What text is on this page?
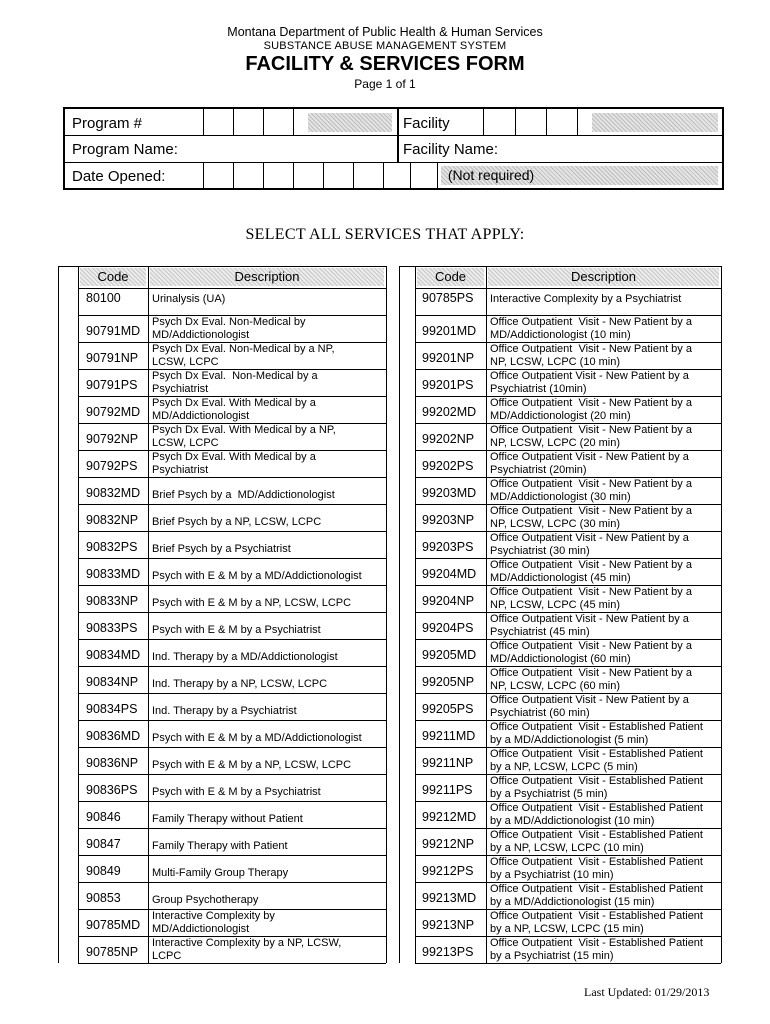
Montana Department of Public Health & Human Services
SUBSTANCE ABUSE MANAGEMENT SYSTEM
FACILITY & SERVICES FORM
Page 1 of 1
Program #	Facility
Program Name:	Facility Name:
Date Opened:	(Not required)
SELECT ALL SERVICES THAT APPLY:
Code	Description
80100	Urinalysis (UA)
90791MD
Psych Dx Eval. Non-Medical by
MD/Addictionologist
90791NP
Psych Dx Eval. Non-Medical by a NP,
LCSW, LCPC
90791PS
Psych Dx Eval.  Non-Medical by a
Psychiatrist
90792MD
Psych Dx Eval. With Medical by a
MD/Addictionologist
90792NP
Psych Dx Eval. With Medical by a NP,
LCSW, LCPC
90792PS
Psych Dx Eval. With Medical by a
Psychiatrist
90832MD Brief Psych by a  MD/Addictionologist
90832NP Brief Psych by a NP, LCSW, LCPC
90832PS Brief Psych by a Psychiatrist
90833MD Psych with E & M by a MD/Addictionologist
90833NP Psych with E & M by a NP, LCSW, LCPC
90833PS Psych with E & M by a Psychiatrist
90834MD Ind. Therapy by a MD/Addictionologist
90834NP Ind. Therapy by a NP, LCSW, LCPC
90834PS Ind. Therapy by a Psychiatrist
90836MD Psych with E & M by a MD/Addictionologist
90836NP Psych with E & M by a NP, LCSW, LCPC
90836PS Psych with E & M by a Psychiatrist
90846	Family Therapy without Patient
90847	Family Therapy with Patient
90849	Multi-Family Group Therapy
90853	Group Psychotherapy
90785MD
Interactive Complexity by
MD/Addictionologist
90785NP
Interactive Complexity by a NP, LCSW,
LCPC
Code	Description
90785PS Interactive Complexity by a Psychiatrist
99201MD
Office Outpatient  Visit - New Patient by a
MD/Addictionologist (10 min)
99201NP
Office Outpatient  Visit - New Patient by a
NP, LCSW, LCPC (10 min)
99201PS
Office Outpatient Visit - New Patient by a
Psychiatrist (10min)
99202MD
Office Outpatient  Visit - New Patient by a
MD/Addictionologist (20 min)
99202NP
Office Outpatient  Visit - New Patient by a
NP, LCSW, LCPC (20 min)
99202PS
Office Outpatient Visit - New Patient by a
Psychiatrist (20min)
99203MD
Office Outpatient  Visit - New Patient by a
MD/Addictionologist (30 min)
99203NP
Office Outpatient  Visit - New Patient by a
NP, LCSW, LCPC (30 min)
99203PS
Office Outpatient Visit - New Patient by a
Psychiatrist (30 min)
99204MD
Office Outpatient  Visit - New Patient by a
MD/Addictionologist (45 min)
99204NP
Office Outpatient  Visit - New Patient by a
NP, LCSW, LCPC (45 min)
99204PS
Office Outpatient Visit - New Patient by a
Psychiatrist (45 min)
99205MD
Office Outpatient  Visit - New Patient by a
MD/Addictionologist (60 min)
99205NP
Office Outpatient  Visit - New Patient by a
NP, LCSW, LCPC (60 min)
99205PS
Office Outpatient Visit - New Patient by a
Psychiatrist (60 min)
99211MD
Office Outpatient  Visit - Established Patient
by a MD/Addictionologist (5 min)
99211NP
Office Outpatient  Visit - Established Patient
by a NP, LCSW, LCPC (5 min)
99211PS
Office Outpatient  Visit - Established Patient
by a Psychiatrist (5 min)
99212MD
Office Outpatient  Visit - Established Patient
by a MD/Addictionologist (10 min)
99212NP
Office Outpatient  Visit - Established Patient
by a NP, LCSW, LCPC (10 min)
99212PS
Office Outpatient  Visit - Established Patient
by a Psychiatrist (10 min)
99213MD
Office Outpatient  Visit - Established Patient
by a MD/Addictionologist (15 min)
99213NP
Office Outpatient  Visit - Established Patient
by a NP, LCSW, LCPC (15 min)
99213PS
Office Outpatient  Visit - Established Patient
by a Psychiatrist (15 min)
Last Updated: 01/29/2013
